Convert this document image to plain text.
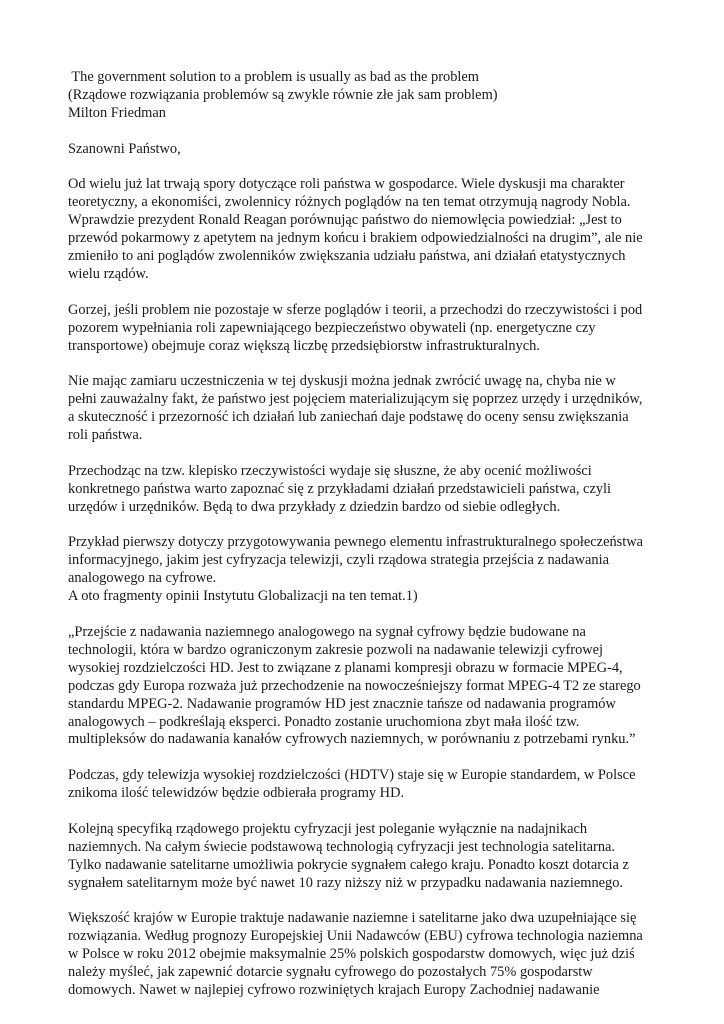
The government solution to a problem is usually as bad as the problem
(Rządowe rozwiązania problemów są zwykle równie złe jak sam problem)
Milton Friedman
Szanowni Państwo,
Od wielu już lat trwają spory dotyczące roli państwa w gospodarce. Wiele dyskusji ma charakter
teoretyczny, a ekonomiści, zwolennicy różnych poglądów na ten temat otrzymują nagrody Nobla.
Wprawdzie prezydent Ronald Reagan porównując państwo do niemowlęcia powiedział: „Jest to
przewód pokarmowy z apetytem na jednym końcu i brakiem odpowiedzialności na drugim”, ale nie
zmieniło to ani poglądów zwolenników zwiększania udziału państwa, ani działań etatystycznych
wielu rządów.
Gorzej, jeśli problem nie pozostaje w sferze poglądów i teorii, a przechodzi do rzeczywistości i pod
pozorem wypełniania roli zapewniającego bezpieczeństwo obywateli (np. energetyczne czy
transportowe) obejmuje coraz większą liczbę przedsiębiorstw infrastrukturalnych.
Nie mając zamiaru uczestniczenia w tej dyskusji można jednak zwrócić uwagę na, chyba nie w
pełni zauważalny fakt, że państwo jest pojęciem materializującym się poprzez urzędy i urzędników,
a skuteczność i przezorność ich działań lub zaniechań daje podstawę do oceny sensu zwiększania
roli państwa.
Przechodząc na tzw. klepisko rzeczywistości wydaje się słuszne, że aby ocenić możliwości
konkretnego państwa warto zapoznać się z przykładami działań przedstawicieli państwa, czyli
urzędów i urzędników. Będą to dwa przykłady z dziedzin bardzo od siebie odległych.
Przykład pierwszy dotyczy przygotowywania pewnego elementu infrastrukturalnego społeczeństwa
informacyjnego, jakim jest cyfryzacja telewizji, czyli rządowa strategia przejścia z nadawania
analogowego na cyfrowe.
A oto fragmenty opinii Instytutu Globalizacji na ten temat.1)
„Przejście z nadawania naziemnego analogowego na sygnał cyfrowy będzie budowane na
technologii, która w bardzo ograniczonym zakresie pozwoli na nadawanie telewizji cyfrowej
wysokiej rozdzielczości HD. Jest to związane z planami kompresji obrazu w formacie MPEG-4,
podczas gdy Europa rozważa już przechodzenie na nowocześniejszy format MPEG-4 T2 ze starego
standardu MPEG-2. Nadawanie programów HD jest znacznie tańsze od nadawania programów
analogowych – podkreślają eksperci. Ponadto zostanie uruchomiona zbyt mała ilość tzw.
multipleksów do nadawania kanałów cyfrowych naziemnych, w porównaniu z potrzebami rynku.”
Podczas, gdy telewizja wysokiej rozdzielczości (HDTV) staje się w Europie standardem, w Polsce
znikoma ilość telewidzów będzie odbierała programy HD.
Kolejną specyfiką rządowego projektu cyfryzacji jest poleganie wyłącznie na nadajnikach
naziemnych. Na całym świecie podstawową technologią cyfryzacji jest technologia satelitarna.
Tylko nadawanie satelitarne umożliwia pokrycie sygnałem całego kraju. Ponadto koszt dotarcia z
sygnałem satelitarnym może być nawet 10 razy niższy niż w przypadku nadawania naziemnego.
Większość krajów w Europie traktuje nadawanie naziemne i satelitarne jako dwa uzupełniające się
rozwiązania. Według prognozy Europejskiej Unii Nadawców (EBU) cyfrowa technologia naziemna
w Polsce w roku 2012 obejmie maksymalnie 25% polskich gospodarstw domowych, więc już dziś
należy myśleć, jak zapewnić dotarcie sygnału cyfrowego do pozostałych 75% gospodarstw
domowych. Nawet w najlepiej cyfrowo rozwiniętych krajach Europy Zachodniej nadawanie
